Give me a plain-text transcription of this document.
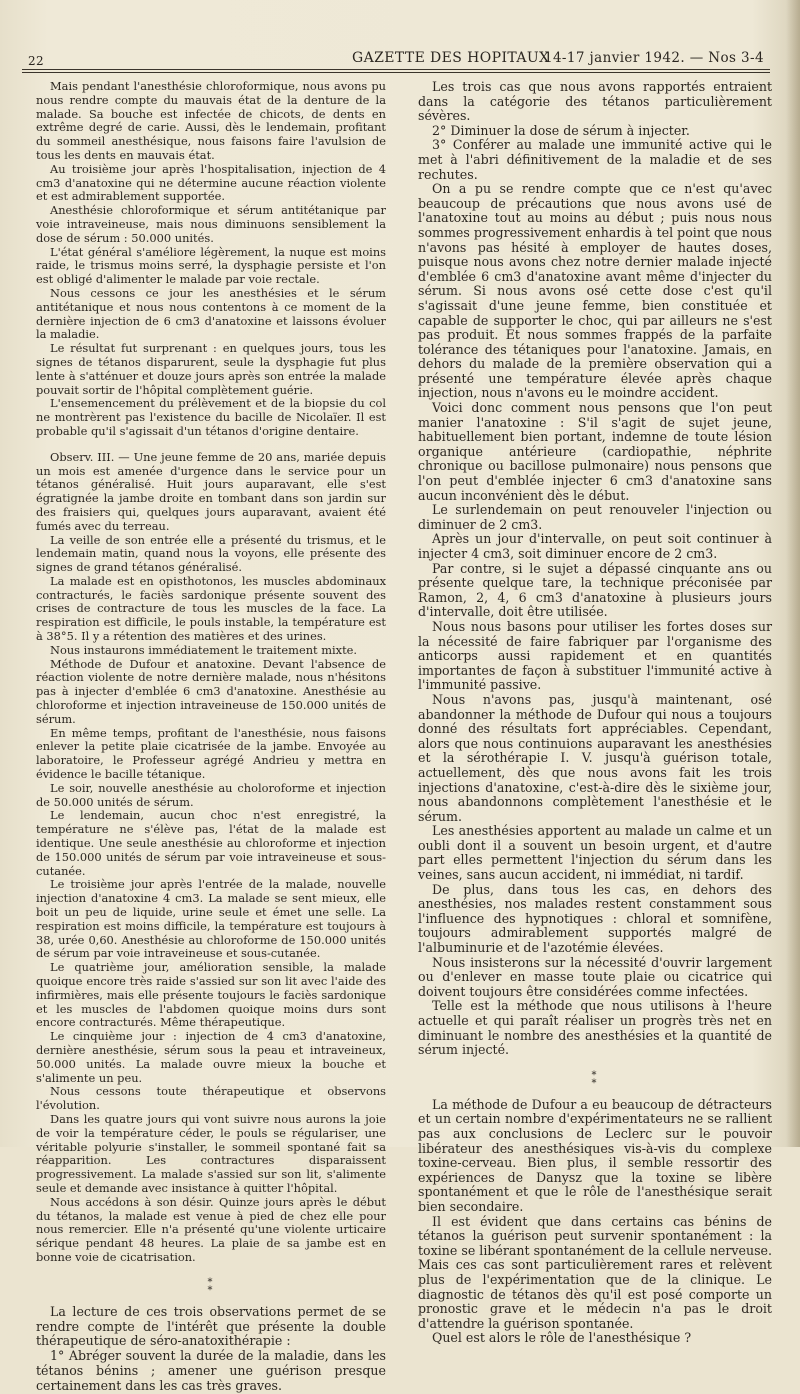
22	GAZETTE DES HOPITAUX
14-17 janvier 1942. — Nos 3-4

Mais pendant l'anesthésie chloroformique, nous avons pu nous rendre compte du mauvais état de la denture de la malade. Sa bouche est infectée de chicots, de dents en extrême degré de carie. Aussi, dès le lendemain, profitant du sommeil anesthésique, nous faisons faire l'avulsion de tous les dents en mauvais état.

Au troisième jour après l'hospitalisation, injection de 4 cm3 d'anatoxine qui ne détermine aucune réaction violente et est admirablement supportée.

Anesthésie chloroformique et sérum antitétanique par voie intraveineuse, mais nous diminuons sensiblement la dose de sérum : 50.000 unités.

L'état général s'améliore légèrement, la nuque est moins raide, le trismus moins serré, la dysphagie persiste et l'on est obligé d'alimenter le malade par voie rectale.

Nous cessons ce jour les anesthésies et le sérum antitétanique et nous nous contentons à ce moment de la dernière injection de 6 cm3 d'anatoxine et laissons évoluer la maladie.

Le résultat fut surprenant : en quelques jours, tous les signes de tétanos disparurent, seule la dysphagie fut plus lente à s'atténuer et douze jours après son entrée la malade pouvait sortir de l'hôpital complètement guérie.

L'ensemencement du prélèvement et de la biopsie du col ne montrèrent pas l'existence du bacille de Nicolaïer. Il est probable qu'il s'agissait d'un tétanos d'origine dentaire.

Observ. III. — Une jeune femme de 20 ans, mariée depuis un mois est amenée d'urgence dans le service pour un tétanos généralisé. Huit jours auparavant, elle s'est égratignée la jambe droite en tombant dans son jardin sur des fraisiers qui, quelques jours auparavant, avaient été fumés avec du terreau.

La veille de son entrée elle a présenté du trismus, et le lendemain matin, quand nous la voyons, elle présente des signes de grand tétanos généralisé.

La malade est en opisthotonos, les muscles abdominaux contracturés, le faciès sardonique présente souvent des crises de contracture de tous les muscles de la face. La respiration est difficile, le pouls instable, la température est à 38°5. Il y a rétention des matières et des urines.

Nous instaurons immédiatement le traitement mixte.

Méthode de Dufour et anatoxine. Devant l'absence de réaction violente de notre dernière malade, nous n'hésitons pas à injecter d'emblée 6 cm3 d'anatoxine. Anesthésie au chloroforme et injection intraveineuse de 150.000 unités de sérum.

En même temps, profitant de l'anesthésie, nous faisons enlever la petite plaie cicatrisée de la jambe. Envoyée au laboratoire, le Professeur agrégé Andrieu y mettra en évidence le bacille tétanique.

Le soir, nouvelle anesthésie au choloroforme et injection de 50.000 unités de sérum.

Le lendemain, aucun choc n'est enregistré, la température ne s'élève pas, l'état de la malade est identique. Une seule anesthésie au chloroforme et injection de 150.000 unités de sérum par voie intraveineuse et sous-cutanée.

Le troisième jour après l'entrée de la malade, nouvelle injection d'anatoxine 4 cm3. La malade se sent mieux, elle boit un peu de liquide, urine seule et émet une selle. La respiration est moins difficile, la température est toujours à 38, urée 0,60. Anesthésie au chloroforme de 150.000 unités de sérum par voie intraveineuse et sous-cutanée.

Le quatrième jour, amélioration sensible, la malade quoique encore très raide s'assied sur son lit avec l'aide des infirmières, mais elle présente toujours le faciès sardonique et les muscles de l'abdomen quoique moins durs sont encore contracturés. Même thérapeutique.

Le cinquième jour : injection de 4 cm3 d'anatoxine, dernière anesthésie, sérum sous la peau et intraveineux, 50.000 unités. La malade ouvre mieux la bouche et s'alimente un peu.

Nous cessons toute thérapeutique et observons l'évolution.

Dans les quatre jours qui vont suivre nous aurons la joie de voir la température céder, le pouls se régulariser, une véritable polyurie s'installer, le sommeil spontané fait sa réapparition. Les contractures disparaissent progressivement. La malade s'assied sur son lit, s'alimente seule et demande avec insistance à quitter l'hôpital.

Nous accédons à son désir. Quinze jours après le début du tétanos, la malade est venue à pied de chez elle pour nous remercier. Elle n'a présenté qu'une violente urticaire sérique pendant 48 heures. La plaie de sa jambe est en bonne voie de cicatrisation.

*
*

La lecture de ces trois observations permet de se rendre compte de l'intérêt que présente la double thérapeutique de séro-anatoxithérapie :

1° Abréger souvent la durée de la maladie, dans les tétanos bénins ; amener une guérison presque certainement dans les cas très graves.

Les trois cas que nous avons rapportés entraient dans la catégorie des tétanos particulièrement sévères.

2° Diminuer la dose de sérum à injecter.

3° Conférer au malade une immunité active qui le met à l'abri définitivement de la maladie et de ses rechutes.

On a pu se rendre compte que ce n'est qu'avec beaucoup de précautions que nous avons usé de l'anatoxine tout au moins au début ; puis nous nous sommes progressivement enhardis à tel point que nous n'avons pas hésité à employer de hautes doses, puisque nous avons chez notre dernier malade injecté d'emblée 6 cm3 d'anatoxine avant même d'injecter du sérum. Si nous avons osé cette dose c'est qu'il s'agissait d'une jeune femme, bien constituée et capable de supporter le choc, qui par ailleurs ne s'est pas produit. Et nous sommes frappés de la parfaite tolérance des tétaniques pour l'anatoxine. Jamais, en dehors du malade de la première observation qui a présenté une température élevée après chaque injection, nous n'avons eu le moindre accident.

Voici donc comment nous pensons que l'on peut manier l'anatoxine : S'il s'agit de sujet jeune, habituellement bien portant, indemne de toute lésion organique antérieure (cardiopathie, néphrite chronique ou bacillose pulmonaire) nous pensons que l'on peut d'emblée injecter 6 cm3 d'anatoxine sans aucun inconvénient dès le début.

Le surlendemain on peut renouveler l'injection ou diminuer de 2 cm3.

Après un jour d'intervalle, on peut soit continuer à injecter 4 cm3, soit diminuer encore de 2 cm3.

Par contre, si le sujet a dépassé cinquante ans ou présente quelque tare, la technique préconisée par Ramon, 2, 4, 6 cm3 d'anatoxine à plusieurs jours d'intervalle, doit être utilisée.

Nous nous basons pour utiliser les fortes doses sur la nécessité de faire fabriquer par l'organisme des anticorps aussi rapidement et en quantités importantes de façon à substituer l'immunité active à l'immunité passive.

Nous n'avons pas, jusqu'à maintenant, osé abandonner la méthode de Dufour qui nous a toujours donné des résultats fort appréciables. Cependant, alors que nous continuions auparavant les anesthésies et la sérothérapie I. V. jusqu'à guérison totale, actuellement, dès que nous avons fait les trois injections d'anatoxine, c'est-à-dire dès le sixième jour, nous abandonnons complètement l'anesthésie et le sérum.

Les anesthésies apportent au malade un calme et un oubli dont il a souvent un besoin urgent, et d'autre part elles permettent l'injection du sérum dans les veines, sans aucun accident, ni immédiat, ni tardif.

De plus, dans tous les cas, en dehors des anesthésies, nos malades restent constamment sous l'influence des hypnotiques : chloral et somnifène, toujours admirablement supportés malgré de l'albuminurie et de l'azotémie élevées.

Nous insisterons sur la nécessité d'ouvrir largement ou d'enlever en masse toute plaie ou cicatrice qui doivent toujours être considérées comme infectées.

Telle est la méthode que nous utilisons à l'heure actuelle et qui paraît réaliser un progrès très net en diminuant le nombre des anesthésies et la quantité de sérum injecté.

*
*

La méthode de Dufour a eu beaucoup de détracteurs et un certain nombre d'expérimentateurs ne se rallient pas aux conclusions de Leclerc sur le pouvoir libérateur des anesthésiques vis-à-vis du complexe toxine-cerveau. Bien plus, il semble ressortir des expériences de Danysz que la toxine se libère spontanément et que le rôle de l'anesthésique serait bien secondaire.

Il est évident que dans certains cas bénins de tétanos la guérison peut survenir spontanément : la toxine se libérant spontanément de la cellule nerveuse. Mais ces cas sont particulièrement rares et relèvent plus de l'expérimentation que de la clinique. Le diagnostic de tétanos dès qu'il est posé comporte un pronostic grave et le médecin n'a pas le droit d'attendre la guérison spontanée.

Quel est alors le rôle de l'anesthésique ?
